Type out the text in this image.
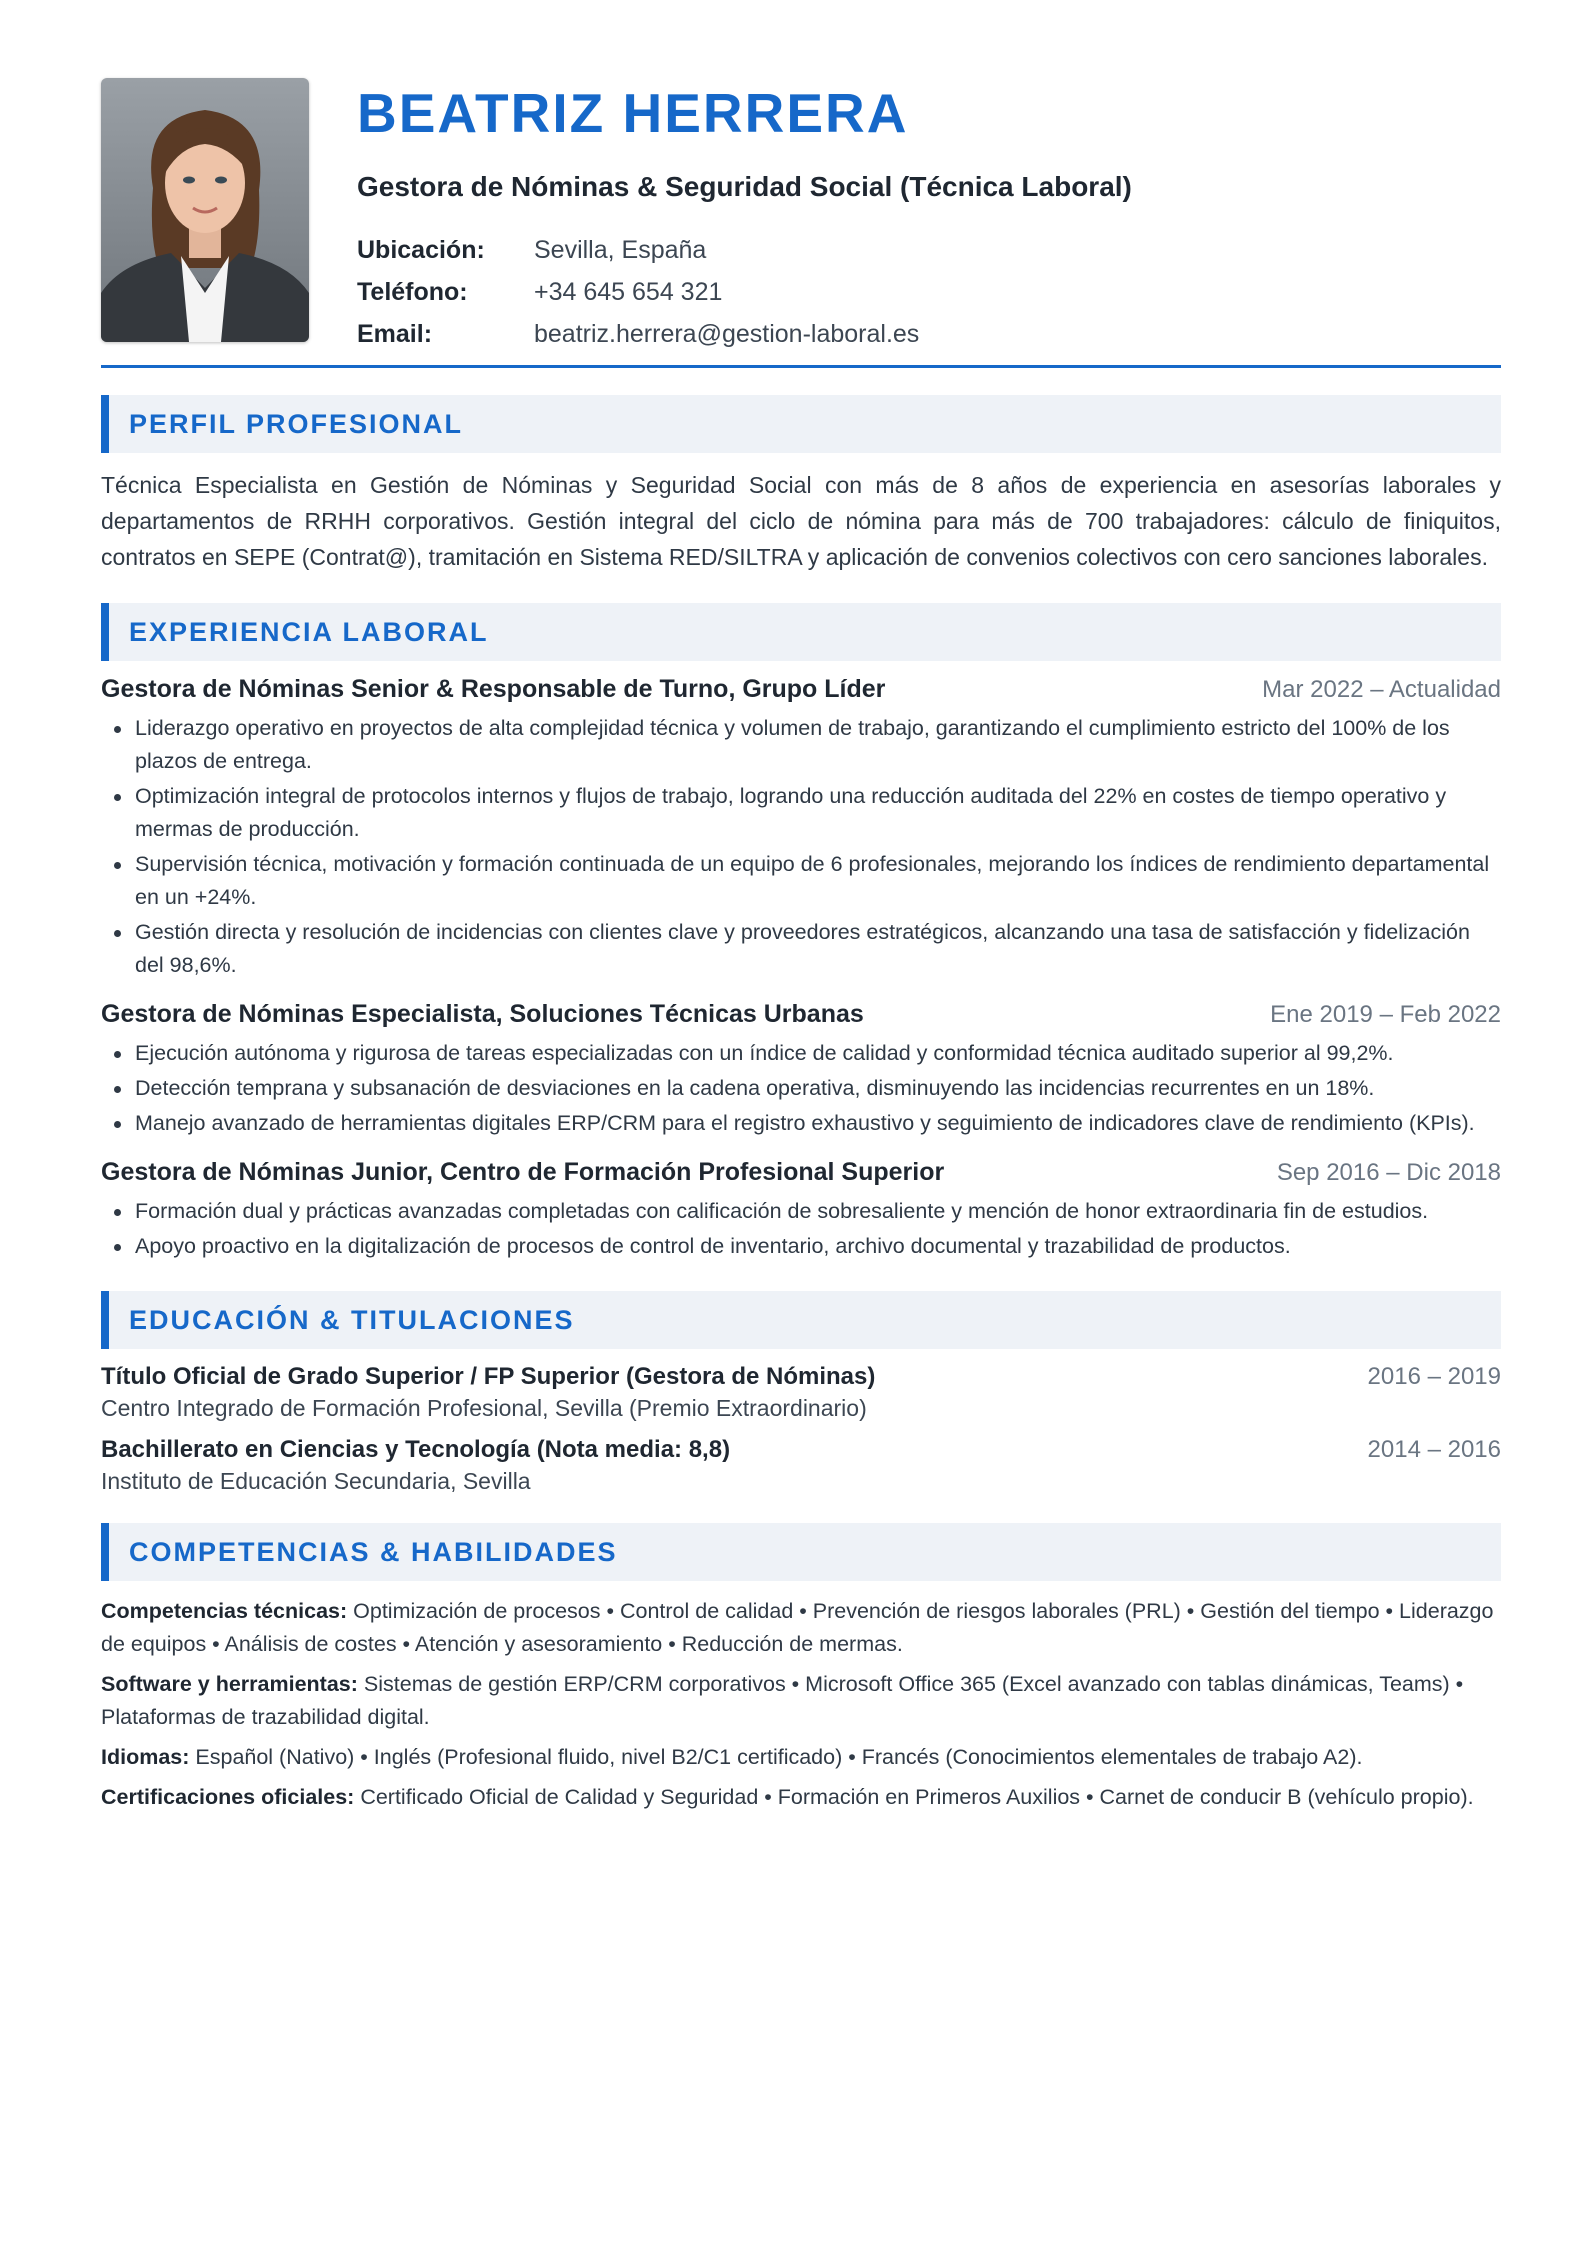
BEATRIZ HERRERA
Gestora de Nóminas & Seguridad Social (Técnica Laboral)
Ubicación:	Sevilla, España
Teléfono:	+34 645 654 321
Email:	beatriz.herrera@gestion-laboral.es
PERFIL PROFESIONAL

Técnica Especialista en Gestión de Nóminas y Seguridad Social con más de 8 años de experiencia en asesorías laborales y departamentos de RRHH corporativos. Gestión integral del ciclo de nómina para más de 700 trabajadores: cálculo de finiquitos, contratos en SEPE (Contrat@), tramitación en Sistema RED/SILTRA y aplicación de convenios colectivos con cero sanciones laborales.

EXPERIENCIA LABORAL
Gestora de Nóminas Senior & Responsable de Turno, Grupo Líder	Mar 2022 – Actualidad
Liderazgo operativo en proyectos de alta complejidad técnica y volumen de trabajo, garantizando el cumplimiento estricto del 100% de los plazos de entrega.
Optimización integral de protocolos internos y flujos de trabajo, logrando una reducción auditada del 22% en costes de tiempo operativo y mermas de producción.
Supervisión técnica, motivación y formación continuada de un equipo de 6 profesionales, mejorando los índices de rendimiento departamental en un +24%.
Gestión directa y resolución de incidencias con clientes clave y proveedores estratégicos, alcanzando una tasa de satisfacción y fidelización del 98,6%.
Gestora de Nóminas Especialista, Soluciones Técnicas Urbanas	Ene 2019 – Feb 2022
Ejecución autónoma y rigurosa de tareas especializadas con un índice de calidad y conformidad técnica auditado superior al 99,2%.
Detección temprana y subsanación de desviaciones en la cadena operativa, disminuyendo las incidencias recurrentes en un 18%.
Manejo avanzado de herramientas digitales ERP/CRM para el registro exhaustivo y seguimiento de indicadores clave de rendimiento (KPIs).
Gestora de Nóminas Junior, Centro de Formación Profesional Superior	Sep 2016 – Dic 2018
Formación dual y prácticas avanzadas completadas con calificación de sobresaliente y mención de honor extraordinaria fin de estudios.
Apoyo proactivo en la digitalización de procesos de control de inventario, archivo documental y trazabilidad de productos.
EDUCACIÓN & TITULACIONES
Título Oficial de Grado Superior / FP Superior (Gestora de Nóminas)	2016 – 2019
Centro Integrado de Formación Profesional, Sevilla (Premio Extraordinario)
Bachillerato en Ciencias y Tecnología (Nota media: 8,8)	2014 – 2016
Instituto de Educación Secundaria, Sevilla
COMPETENCIAS & HABILIDADES

Competencias técnicas: Optimización de procesos • Control de calidad • Prevención de riesgos laborales (PRL) • Gestión del tiempo • Liderazgo de equipos • Análisis de costes • Atención y asesoramiento • Reducción de mermas.

Software y herramientas: Sistemas de gestión ERP/CRM corporativos • Microsoft Office 365 (Excel avanzado con tablas dinámicas, Teams) • Plataformas de trazabilidad digital.

Idiomas: Español (Nativo) • Inglés (Profesional fluido, nivel B2/C1 certificado) • Francés (Conocimientos elementales de trabajo A2).

Certificaciones oficiales: Certificado Oficial de Calidad y Seguridad • Formación en Primeros Auxilios • Carnet de conducir B (vehículo propio).
